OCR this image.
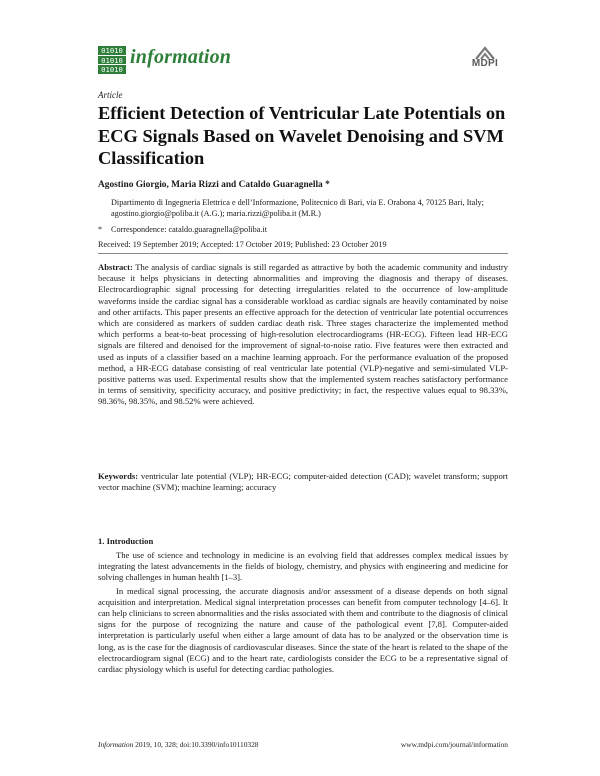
01010
01010
01010
information	MDPI
Article
Efficient Detection of Ventricular Late Potentials on ECG Signals Based on Wavelet Denoising and SVM Classification
Agostino Giorgio, Maria Rizzi and Cataldo Guaragnella *
Dipartimento di Ingegneria Elettrica e dell’Informazione, Politecnico di Bari, via E. Orabona 4, 70125 Bari, Italy; agostino.giorgio@poliba.it (A.G.); maria.rizzi@poliba.it (M.R.)
* Correspondence: cataldo.guaragnella@poliba.it
Received: 19 September 2019; Accepted: 17 October 2019; Published: 23 October 2019
Abstract: The analysis of cardiac signals is still regarded as attractive by both the academic community and industry because it helps physicians in detecting abnormalities and improving the diagnosis and therapy of diseases. Electrocardiographic signal processing for detecting irregularities related to the occurrence of low-amplitude waveforms inside the cardiac signal has a considerable workload as cardiac signals are heavily contaminated by noise and other artifacts. This paper presents an effective approach for the detection of ventricular late potential occurrences which are considered as markers of sudden cardiac death risk. Three stages characterize the implemented method which performs a beat-to-beat processing of high-resolution electrocardiograms (HR-ECG). Fifteen lead HR-ECG signals are filtered and denoised for the improvement of signal-to-noise ratio. Five features were then extracted and used as inputs of a classifier based on a machine learning approach. For the performance evaluation of the proposed method, a HR-ECG database consisting of real ventricular late potential (VLP)-negative and semi-simulated VLP-positive patterns was used. Experimental results show that the implemented system reaches satisfactory performance in terms of sensitivity, specificity accuracy, and positive predictivity; in fact, the respective values equal to 98.33%, 98.36%, 98.35%, and 98.52% were achieved.
Keywords: ventricular late potential (VLP); HR-ECG; computer-aided detection (CAD); wavelet transform; support vector machine (SVM); machine learning; accuracy
1. Introduction

The use of science and technology in medicine is an evolving field that addresses complex medical issues by integrating the latest advancements in the fields of biology, chemistry, and physics with engineering and medicine for solving challenges in human health [1–3].

In medical signal processing, the accurate diagnosis and/or assessment of a disease depends on both signal acquisition and interpretation. Medical signal interpretation processes can benefit from computer technology [4–6]. It can help clinicians to screen abnormalities and the risks associated with them and contribute to the diagnosis of clinical signs for the purpose of recognizing the nature and cause of the pathological event [7,8]. Computer-aided interpretation is particularly useful when either a large amount of data has to be analyzed or the observation time is long, as is the case for the diagnosis of cardiovascular diseases. Since the state of the heart is related to the shape of the electrocardiogram signal (ECG) and to the heart rate, cardiologists consider the ECG to be a representative signal of cardiac physiology which is useful for detecting cardiac pathologies.

Information 2019, 10, 328; doi:10.3390/info10110328	www.mdpi.com/journal/information
